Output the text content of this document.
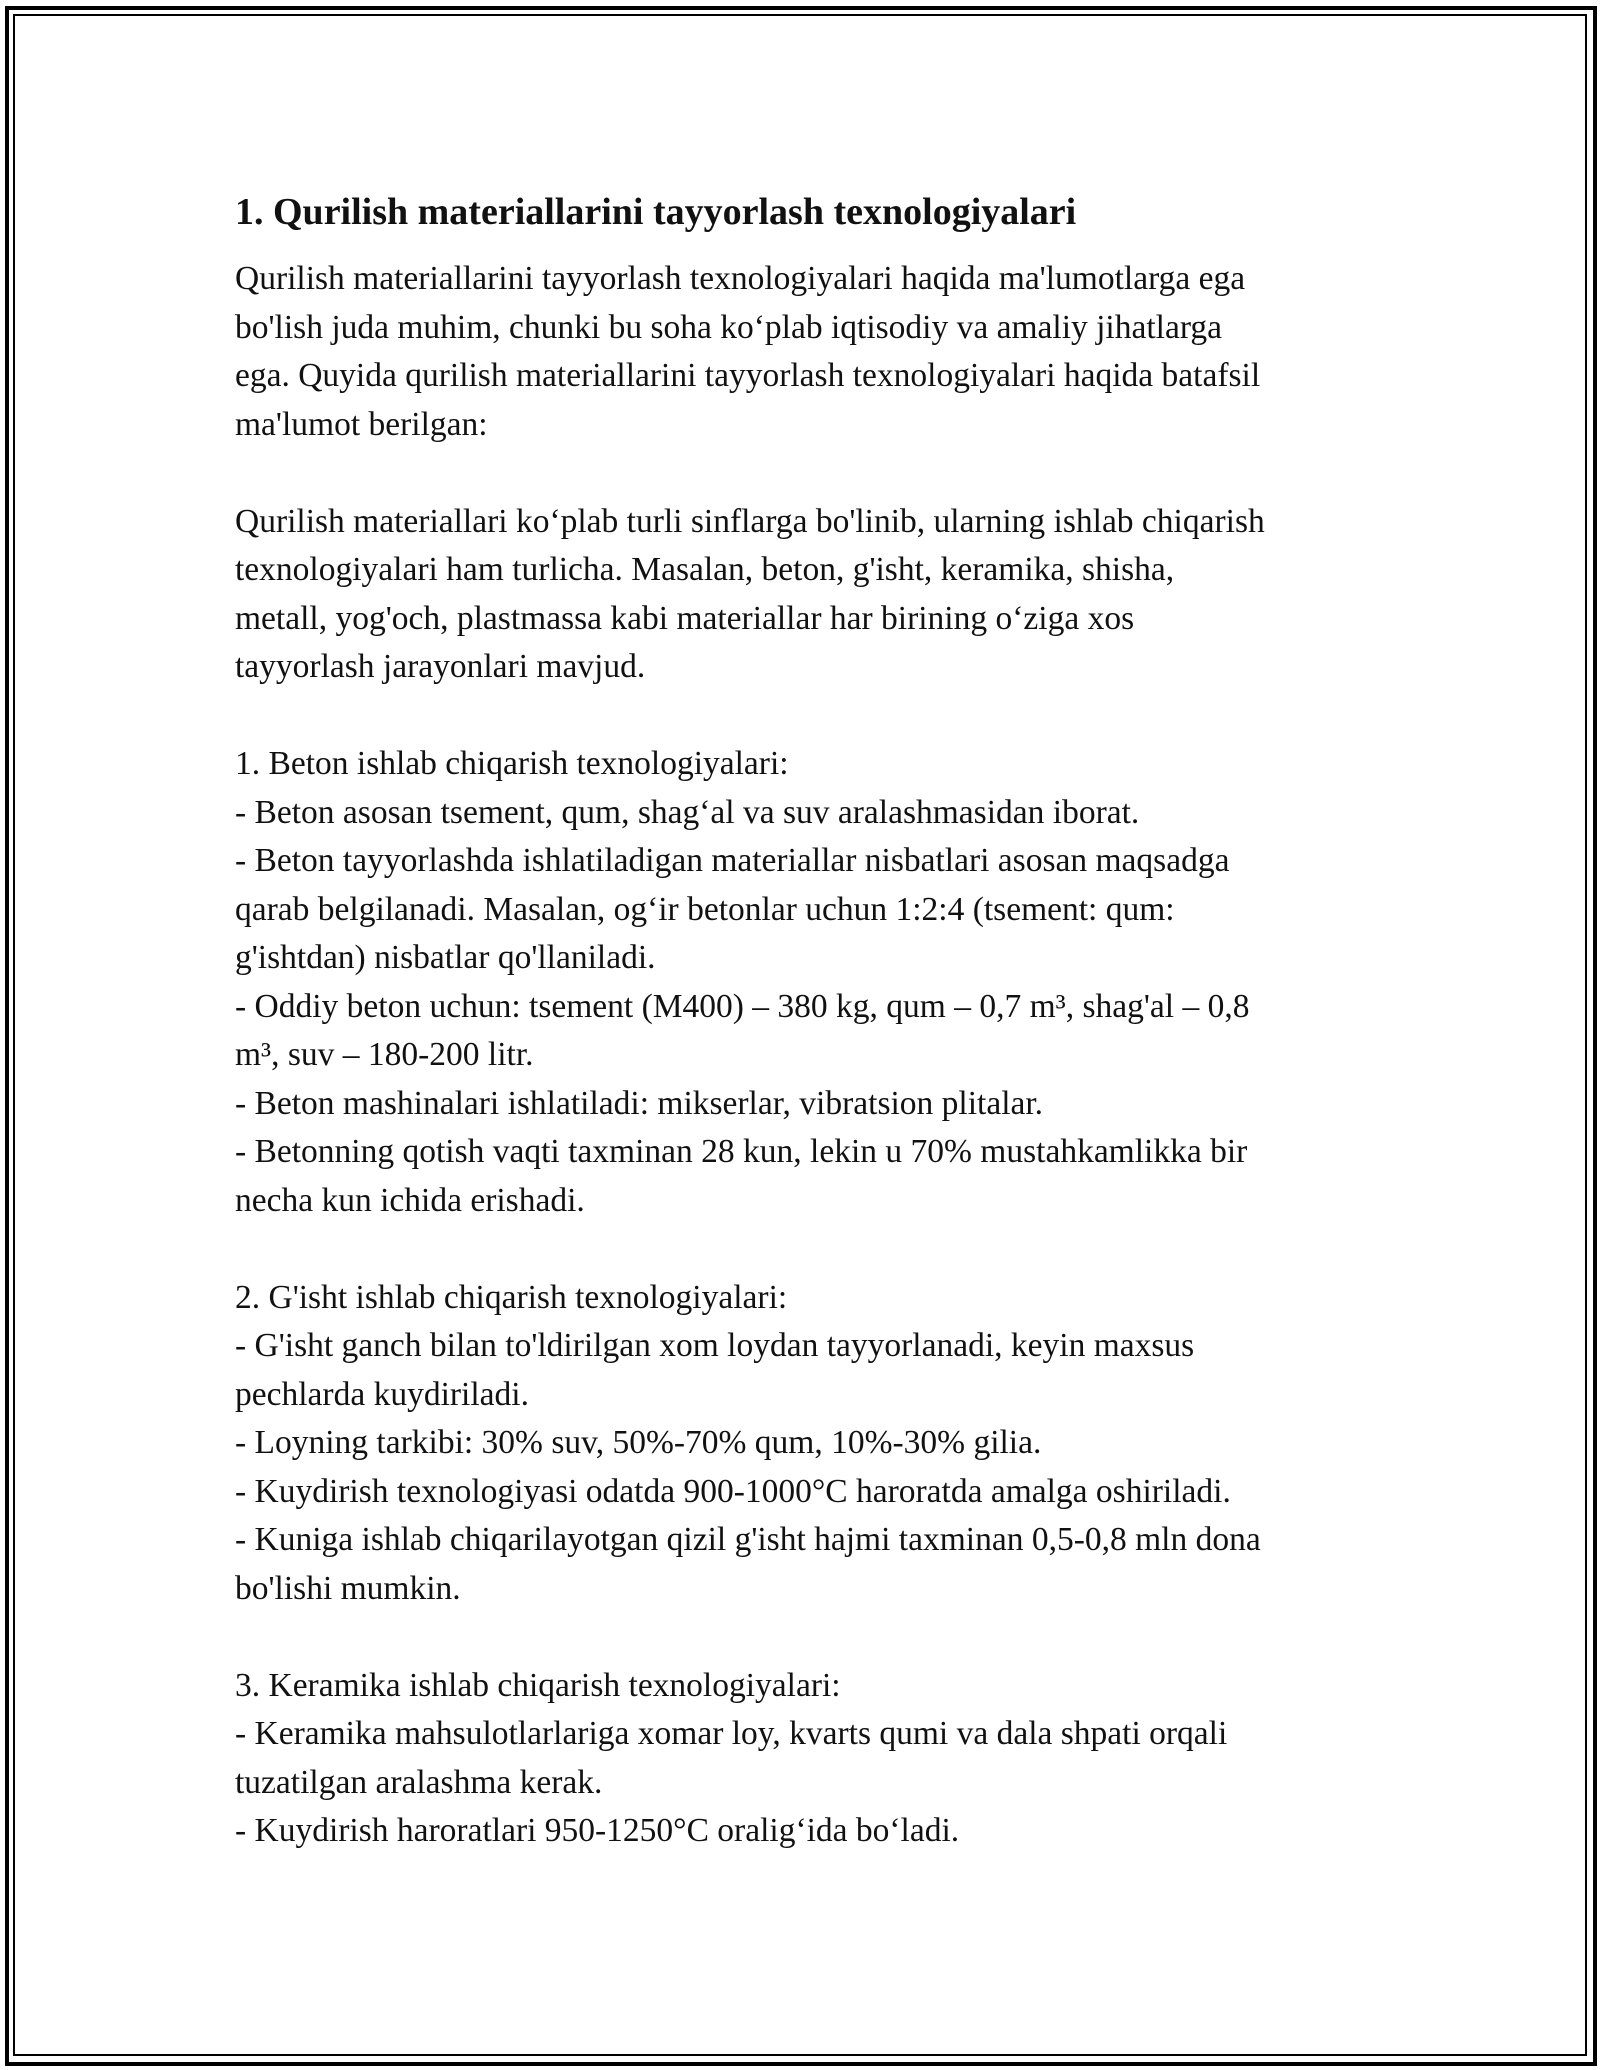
1. Qurilish materiallarini tayyorlash texnologiyalari
Qurilish materiallarini tayyorlash texnologiyalari haqida ma'lumotlarga ega
bo'lish juda muhim, chunki bu soha ko‘plab iqtisodiy va amaliy jihatlarga
ega. Quyida qurilish materiallarini tayyorlash texnologiyalari haqida batafsil
ma'lumot berilgan:
Qurilish materiallari ko‘plab turli sinflarga bo'linib, ularning ishlab chiqarish
texnologiyalari ham turlicha. Masalan, beton, g'isht, keramika, shisha,
metall, yog'och, plastmassa kabi materiallar har birining o‘ziga xos
tayyorlash jarayonlari mavjud.
1. Beton ishlab chiqarish texnologiyalari:
- Beton asosan tsement, qum, shag‘al va suv aralashmasidan iborat.
- Beton tayyorlashda ishlatiladigan materiallar nisbatlari asosan maqsadga
qarab belgilanadi. Masalan, og‘ir betonlar uchun 1:2:4 (tsement: qum:
g'ishtdan) nisbatlar qo'llaniladi.
- Oddiy beton uchun: tsement (M400) – 380 kg, qum – 0,7 m³, shag'al – 0,8
m³, suv – 180-200 litr.
- Beton mashinalari ishlatiladi: mikserlar, vibratsion plitalar.
- Betonning qotish vaqti taxminan 28 kun, lekin u 70% mustahkamlikka bir
necha kun ichida erishadi.
2. G'isht ishlab chiqarish texnologiyalari:
- G'isht ganch bilan to'ldirilgan xom loydan tayyorlanadi, keyin maxsus
pechlarda kuydiriladi.
- Loyning tarkibi: 30% suv, 50%-70% qum, 10%-30% gilia.
- Kuydirish texnologiyasi odatda 900-1000°C haroratda amalga oshiriladi.
- Kuniga ishlab chiqarilayotgan qizil g'isht hajmi taxminan 0,5-0,8 mln dona
bo'lishi mumkin.
3. Keramika ishlab chiqarish texnologiyalari:
- Keramika mahsulotlarlariga xomar loy, kvarts qumi va dala shpati orqali
tuzatilgan aralashma kerak.
- Kuydirish haroratlari 950-1250°C oralig‘ida bo‘ladi.
